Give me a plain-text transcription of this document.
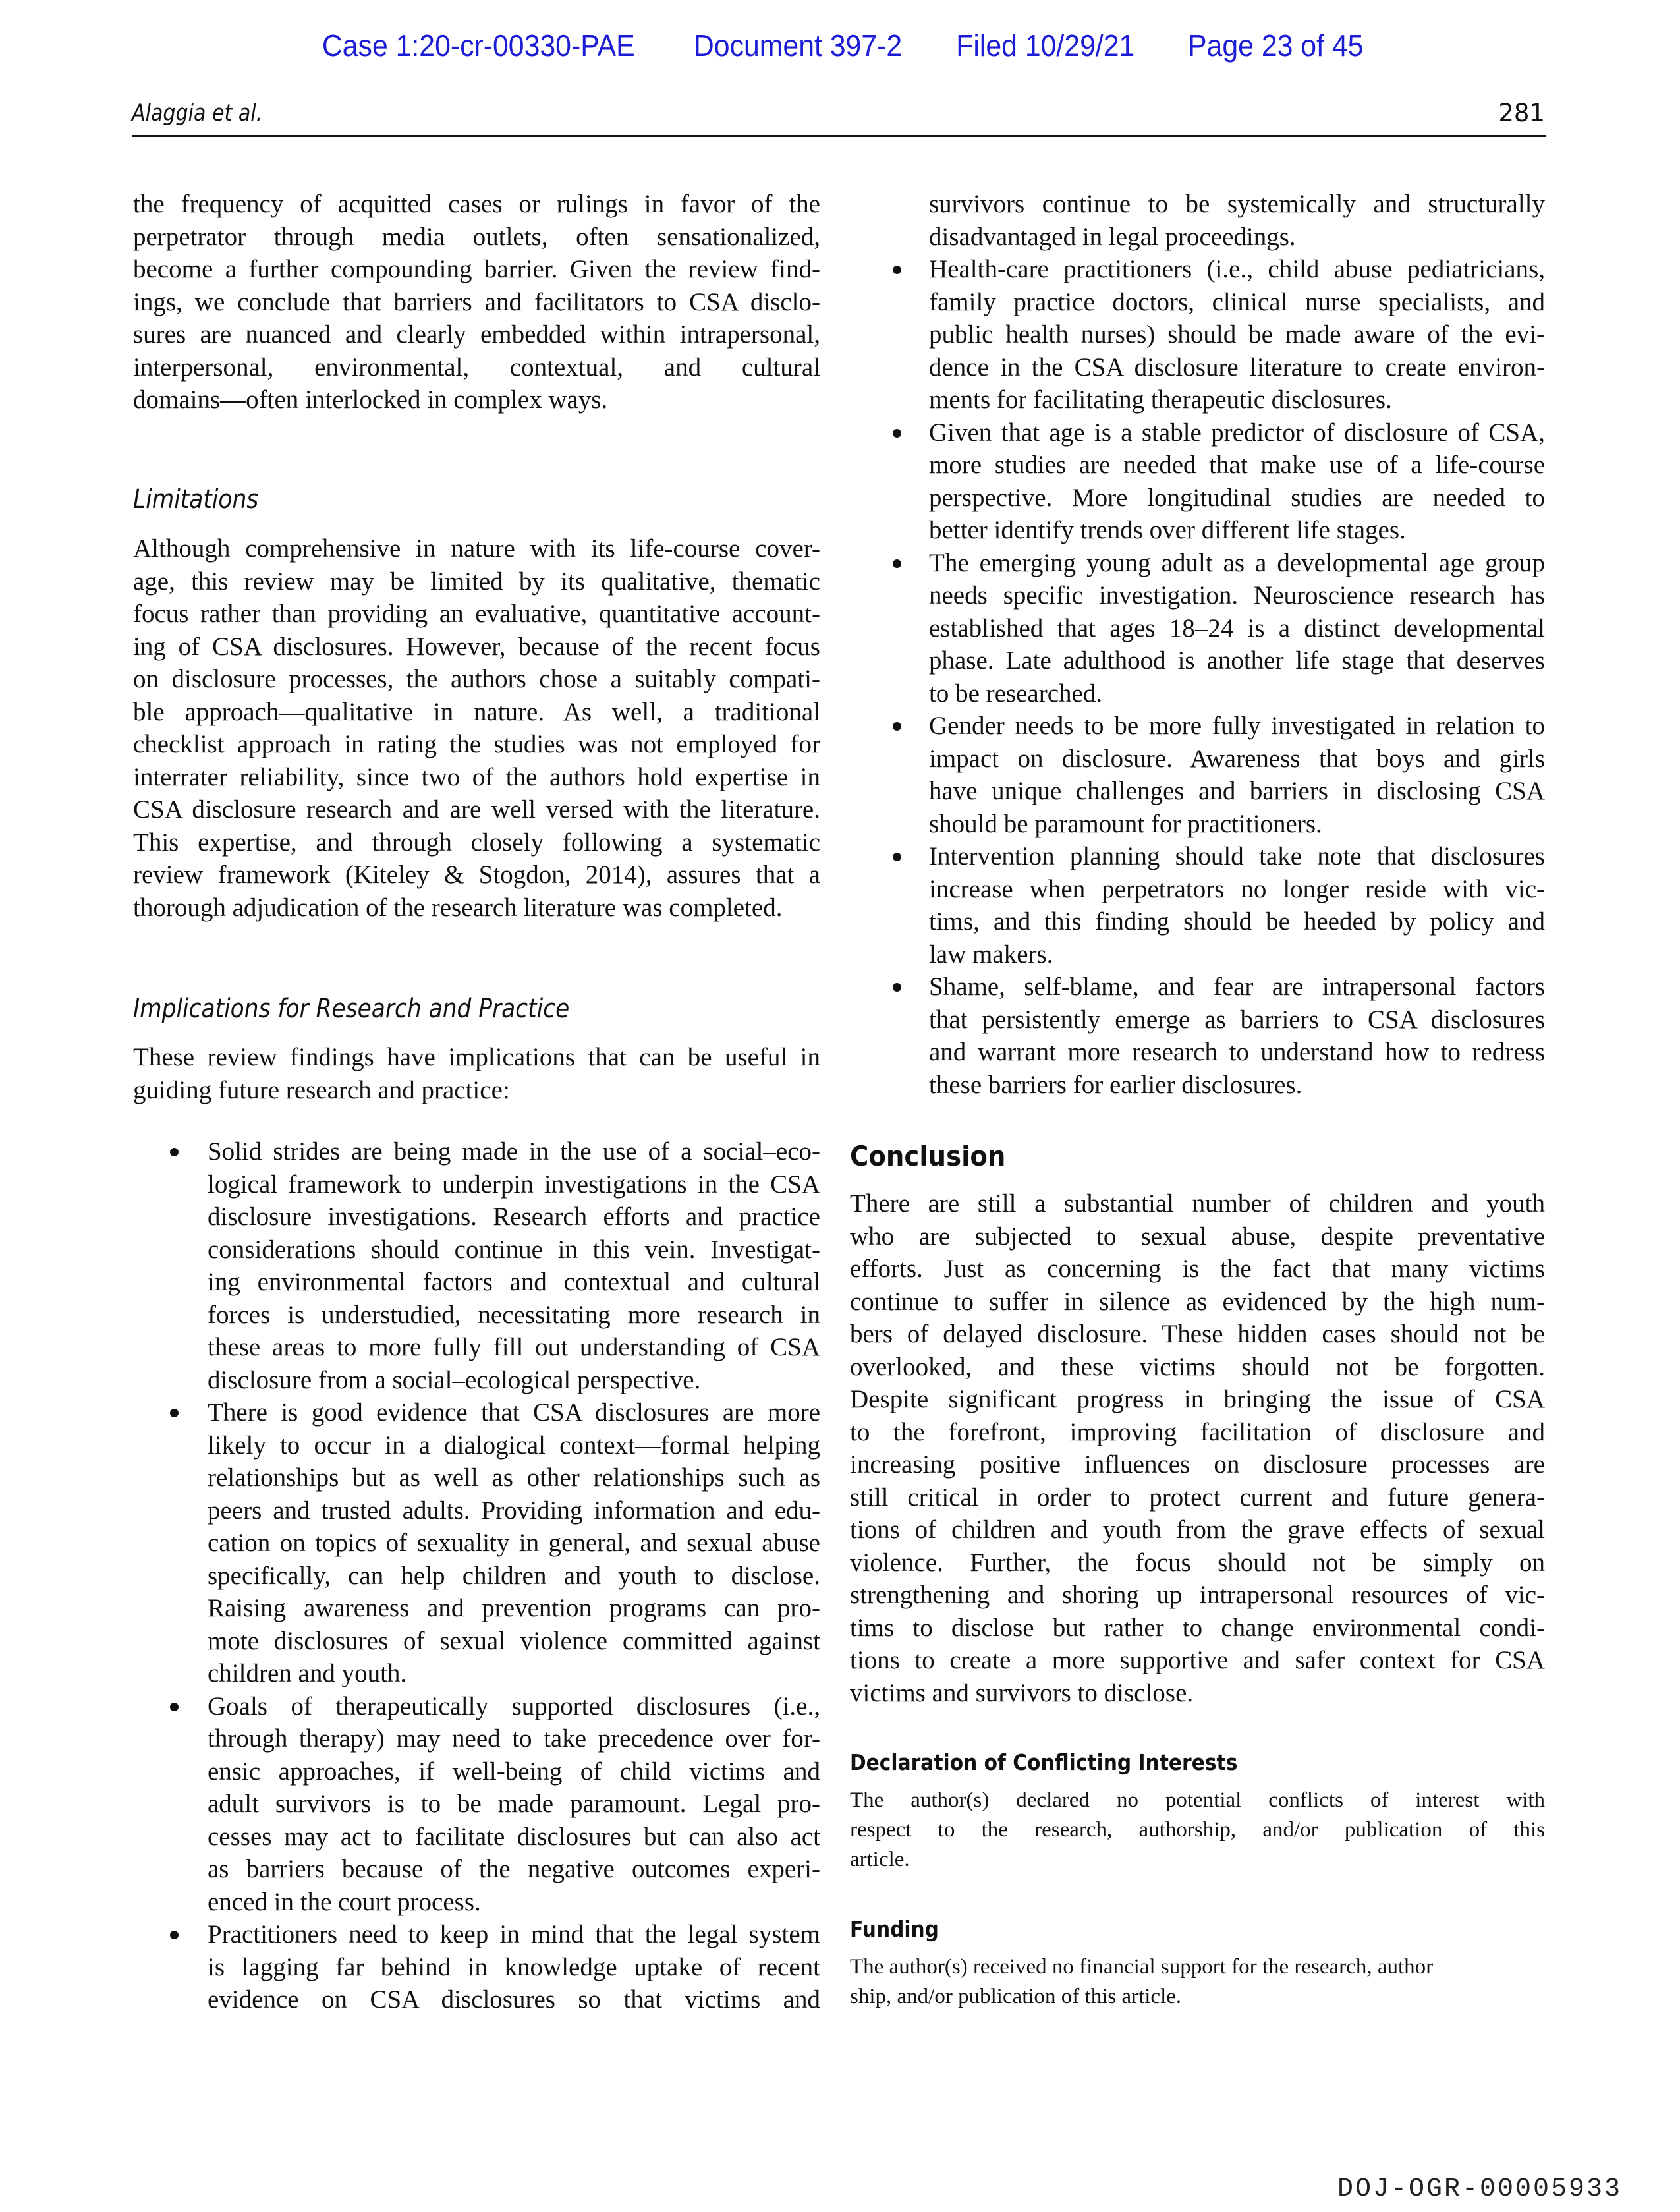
Case 1:20-cr-00330-PAE Document 397-2 Filed 10/29/21 Page 23 of 45
Alaggia et al.	281
the frequency of acquitted cases or rulings in favor of the
perpetrator through media outlets, often sensationalized,
become a further compounding barrier. Given the review find-
ings, we conclude that barriers and facilitators to CSA disclo-
sures are nuanced and clearly embedded within intrapersonal,
interpersonal, environmental, contextual, and cultural
domains—often interlocked in complex ways.
Limitations
Although comprehensive in nature with its life-course cover-
age, this review may be limited by its qualitative, thematic
focus rather than providing an evaluative, quantitative account-
ing of CSA disclosures. However, because of the recent focus
on disclosure processes, the authors chose a suitably compati-
ble approach—qualitative in nature. As well, a traditional
checklist approach in rating the studies was not employed for
interrater reliability, since two of the authors hold expertise in
CSA disclosure research and are well versed with the literature.
This expertise, and through closely following a systematic
review framework (Kiteley & Stogdon, 2014), assures that a
thorough adjudication of the research literature was completed.
Implications for Research and Practice
These review findings have implications that can be useful in
guiding future research and practice:
Solid strides are being made in the use of a social–eco-
logical framework to underpin investigations in the CSA
disclosure investigations. Research efforts and practice
considerations should continue in this vein. Investigat-
ing environmental factors and contextual and cultural
forces is understudied, necessitating more research in
these areas to more fully fill out understanding of CSA
disclosure from a social–ecological perspective.
There is good evidence that CSA disclosures are more
likely to occur in a dialogical context—formal helping
relationships but as well as other relationships such as
peers and trusted adults. Providing information and edu-
cation on topics of sexuality in general, and sexual abuse
specifically, can help children and youth to disclose.
Raising awareness and prevention programs can pro-
mote disclosures of sexual violence committed against
children and youth.
Goals of therapeutically supported disclosures (i.e.,
through therapy) may need to take precedence over for-
ensic approaches, if well-being of child victims and
adult survivors is to be made paramount. Legal pro-
cesses may act to facilitate disclosures but can also act
as barriers because of the negative outcomes experi-
enced in the court process.
Practitioners need to keep in mind that the legal system
is lagging far behind in knowledge uptake of recent
evidence on CSA disclosures so that victims and
survivors continue to be systemically and structurally
disadvantaged in legal proceedings.
Health-care practitioners (i.e., child abuse pediatricians,
family practice doctors, clinical nurse specialists, and
public health nurses) should be made aware of the evi-
dence in the CSA disclosure literature to create environ-
ments for facilitating therapeutic disclosures.
Given that age is a stable predictor of disclosure of CSA,
more studies are needed that make use of a life-course
perspective. More longitudinal studies are needed to
better identify trends over different life stages.
The emerging young adult as a developmental age group
needs specific investigation. Neuroscience research has
established that ages 18–24 is a distinct developmental
phase. Late adulthood is another life stage that deserves
to be researched.
Gender needs to be more fully investigated in relation to
impact on disclosure. Awareness that boys and girls
have unique challenges and barriers in disclosing CSA
should be paramount for practitioners.
Intervention planning should take note that disclosures
increase when perpetrators no longer reside with vic-
tims, and this finding should be heeded by policy and
law makers.
Shame, self-blame, and fear are intrapersonal factors
that persistently emerge as barriers to CSA disclosures
and warrant more research to understand how to redress
these barriers for earlier disclosures.
Conclusion
There are still a substantial number of children and youth
who are subjected to sexual abuse, despite preventative
efforts. Just as concerning is the fact that many victims
continue to suffer in silence as evidenced by the high num-
bers of delayed disclosure. These hidden cases should not be
overlooked, and these victims should not be forgotten.
Despite significant progress in bringing the issue of CSA
to the forefront, improving facilitation of disclosure and
increasing positive influences on disclosure processes are
still critical in order to protect current and future genera-
tions of children and youth from the grave effects of sexual
violence. Further, the focus should not be simply on
strengthening and shoring up intrapersonal resources of vic-
tims to disclose but rather to change environmental condi-
tions to create a more supportive and safer context for CSA
victims and survivors to disclose.
Declaration of Conflicting Interests
The author(s) declared no potential conflicts of interest with
respect to the research, authorship, and/or publication of this
article.
Funding
The author(s) received no financial support for the research, author
ship, and/or publication of this article.
DOJ-OGR-00005933
